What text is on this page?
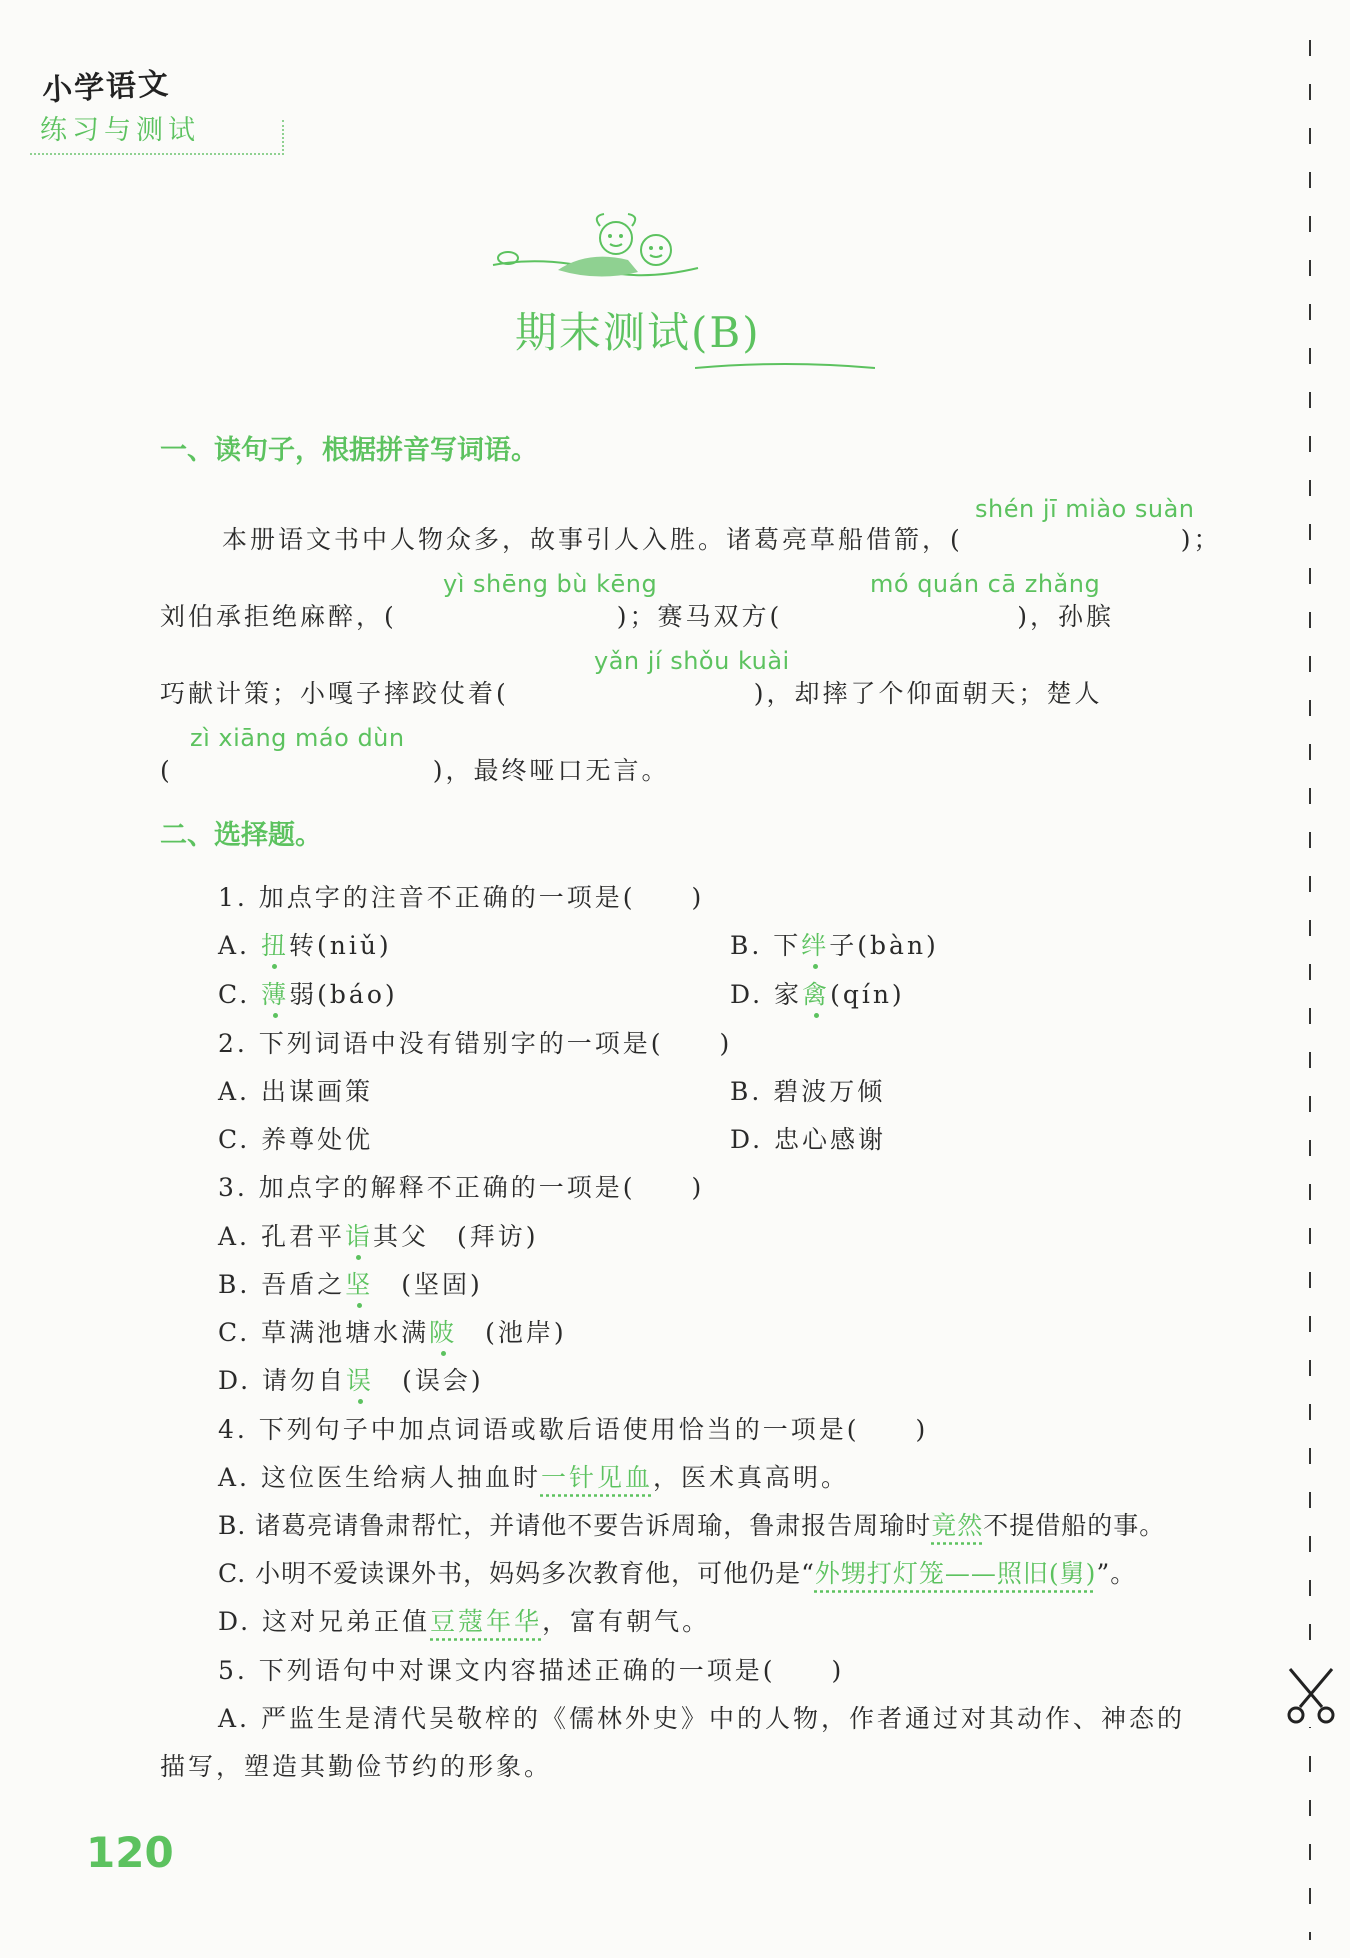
小学语文
练习与测试
期末测试(B)
一、读句子，根据拼音写词语。
shén jī miào suàn
本册语文书中人物众多，故事引人入胜。诸葛亮草船借箭，(	)；
yì shēng bù kēng	mó quán cā zhǎng
刘伯承拒绝麻醉，(	)；赛马双方(	)，孙膑
yǎn jí shǒu kuài
巧献计策；小嘎子摔跤仗着(	)，却摔了个仰面朝天；楚人
zì xiāng máo dùn
(	)，最终哑口无言。
二、选择题。
1. 加点字的注音不正确的一项是(　　)
A. 扭转(niǔ)	B. 下绊子(bàn)
C. 薄弱(báo)	D. 家禽(qín)
2. 下列词语中没有错别字的一项是(　　)
A. 出谋画策	B. 碧波万倾
C. 养尊处优	D. 忠心感谢
3. 加点字的解释不正确的一项是(　　)
A. 孔君平诣其父　(拜访)
B. 吾盾之坚　(坚固)
C. 草满池塘水满陂　(池岸)
D. 请勿自误　(误会)
4. 下列句子中加点词语或歇后语使用恰当的一项是(　　)
A. 这位医生给病人抽血时一针见血，医术真高明。
B. 诸葛亮请鲁肃帮忙，并请他不要告诉周瑜，鲁肃报告周瑜时竟然不提借船的事。
C. 小明不爱读课外书，妈妈多次教育他，可他仍是“外甥打灯笼——照旧(舅)”。
D. 这对兄弟正值豆蔻年华，富有朝气。
5. 下列语句中对课文内容描述正确的一项是(　　)
A. 严监生是清代吴敬梓的《儒林外史》中的人物，作者通过对其动作、神态的
描写，塑造其勤俭节约的形象。
120
